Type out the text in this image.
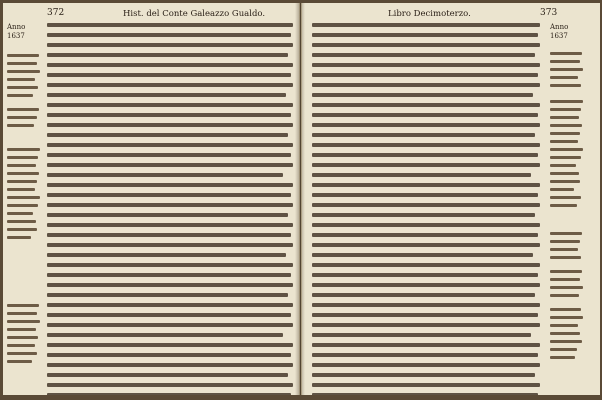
Anno
1637
372	Hist. del Conte Galeazzo Gualdo.	373
Libro Decimoterzo.
Anno
1637
